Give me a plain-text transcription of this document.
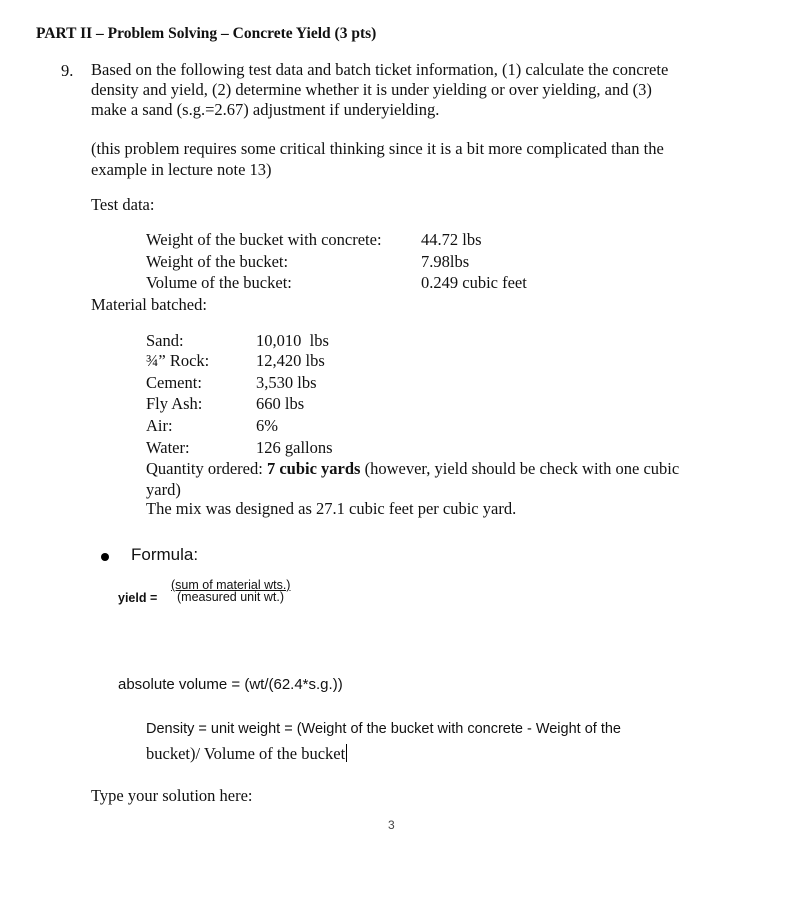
PART II – Problem Solving – Concrete Yield (3 pts)
9. Based on the following test data and batch ticket information, (1) calculate the concrete
density and yield, (2) determine whether it is under yielding or over yielding, and (3)
make a sand (s.g.=2.67) adjustment if underyielding.
(this problem requires some critical thinking since it is a bit more complicated than the
example in lecture note 13)
Test data:
Weight of the bucket with concrete: 44.72 lbs
Weight of the bucket:	7.98lbs
Volume of the bucket:	0.249 cubic feet
Material batched:
Sand:	10,010  lbs
¾” Rock:	12,420 lbs
Cement:	3,530 lbs
Fly Ash:	660 lbs
Air:	6%
Water:	126 gallons
Quantity ordered: 7 cubic yards (however, yield should be check with one cubic
yard)
The mix was designed as 27.1 cubic feet per cubic yard.
Formula:
yield =
(sum of material wts.)
(measured unit wt.)
absolute volume = (wt/(62.4*s.g.))
Density = unit weight = (Weight of the bucket with concrete - Weight of the
bucket)/ Volume of the bucket
Type your solution here:
3
